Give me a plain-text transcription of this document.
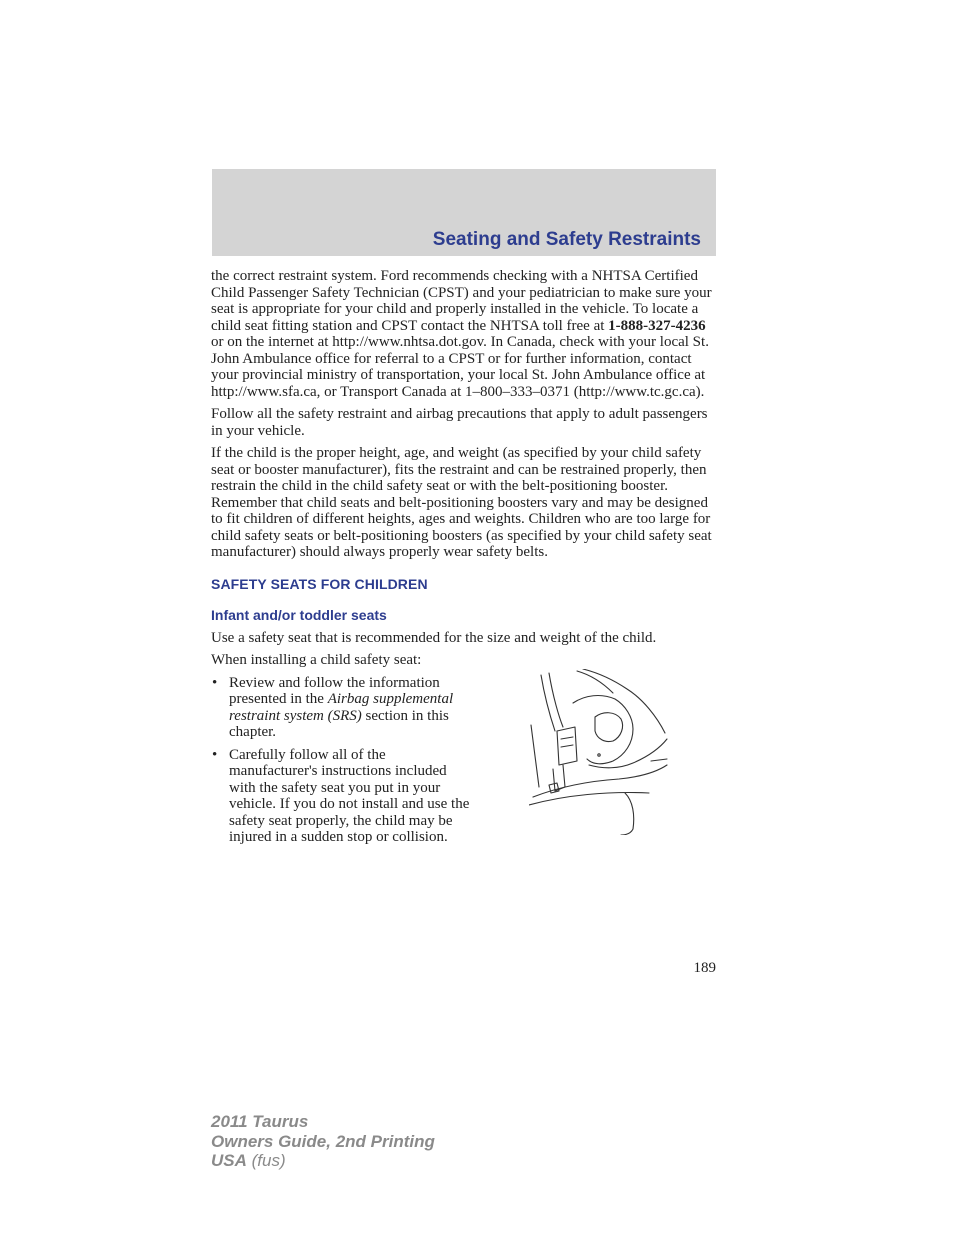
Seating and Safety Restraints

the correct restraint system. Ford recommends checking with a NHTSA Certified Child Passenger Safety Technician (CPST) and your pediatrician to make sure your seat is appropriate for your child and properly installed in the vehicle. To locate a child seat fitting station and CPST contact the NHTSA toll free at 1-888-327-4236 or on the internet at http://www.nhtsa.dot.gov. In Canada, check with your local St. John Ambulance office for referral to a CPST or for further information, contact your provincial ministry of transportation, your local St. John Ambulance office at http://www.sfa.ca, or Transport Canada at 1–800–333–0371 (http://www.tc.gc.ca).

Follow all the safety restraint and airbag precautions that apply to adult passengers in your vehicle.

If the child is the proper height, age, and weight (as specified by your child safety seat or booster manufacturer), fits the restraint and can be restrained properly, then restrain the child in the child safety seat or with the belt-positioning booster. Remember that child seats and belt-positioning boosters vary and may be designed to fit children of different heights, ages and weights. Children who are too large for child safety seats or belt-positioning boosters (as specified by your child safety seat manufacturer) should always properly wear safety belts.

SAFETY SEATS FOR CHILDREN
Infant and/or toddler seats

Use a safety seat that is recommended for the size and weight of the child.

When installing a child safety seat:

• Review and follow the information presented in the Airbag supplemental restraint system (SRS) section in this chapter.
• Carefully follow all of the manufacturer's instructions included with the safety seat you put in your vehicle. If you do not install and use the safety seat properly, the child may be injured in a sudden stop or collision.
189
2011 Taurus
Owners Guide, 2nd Printing
USA (fus)
